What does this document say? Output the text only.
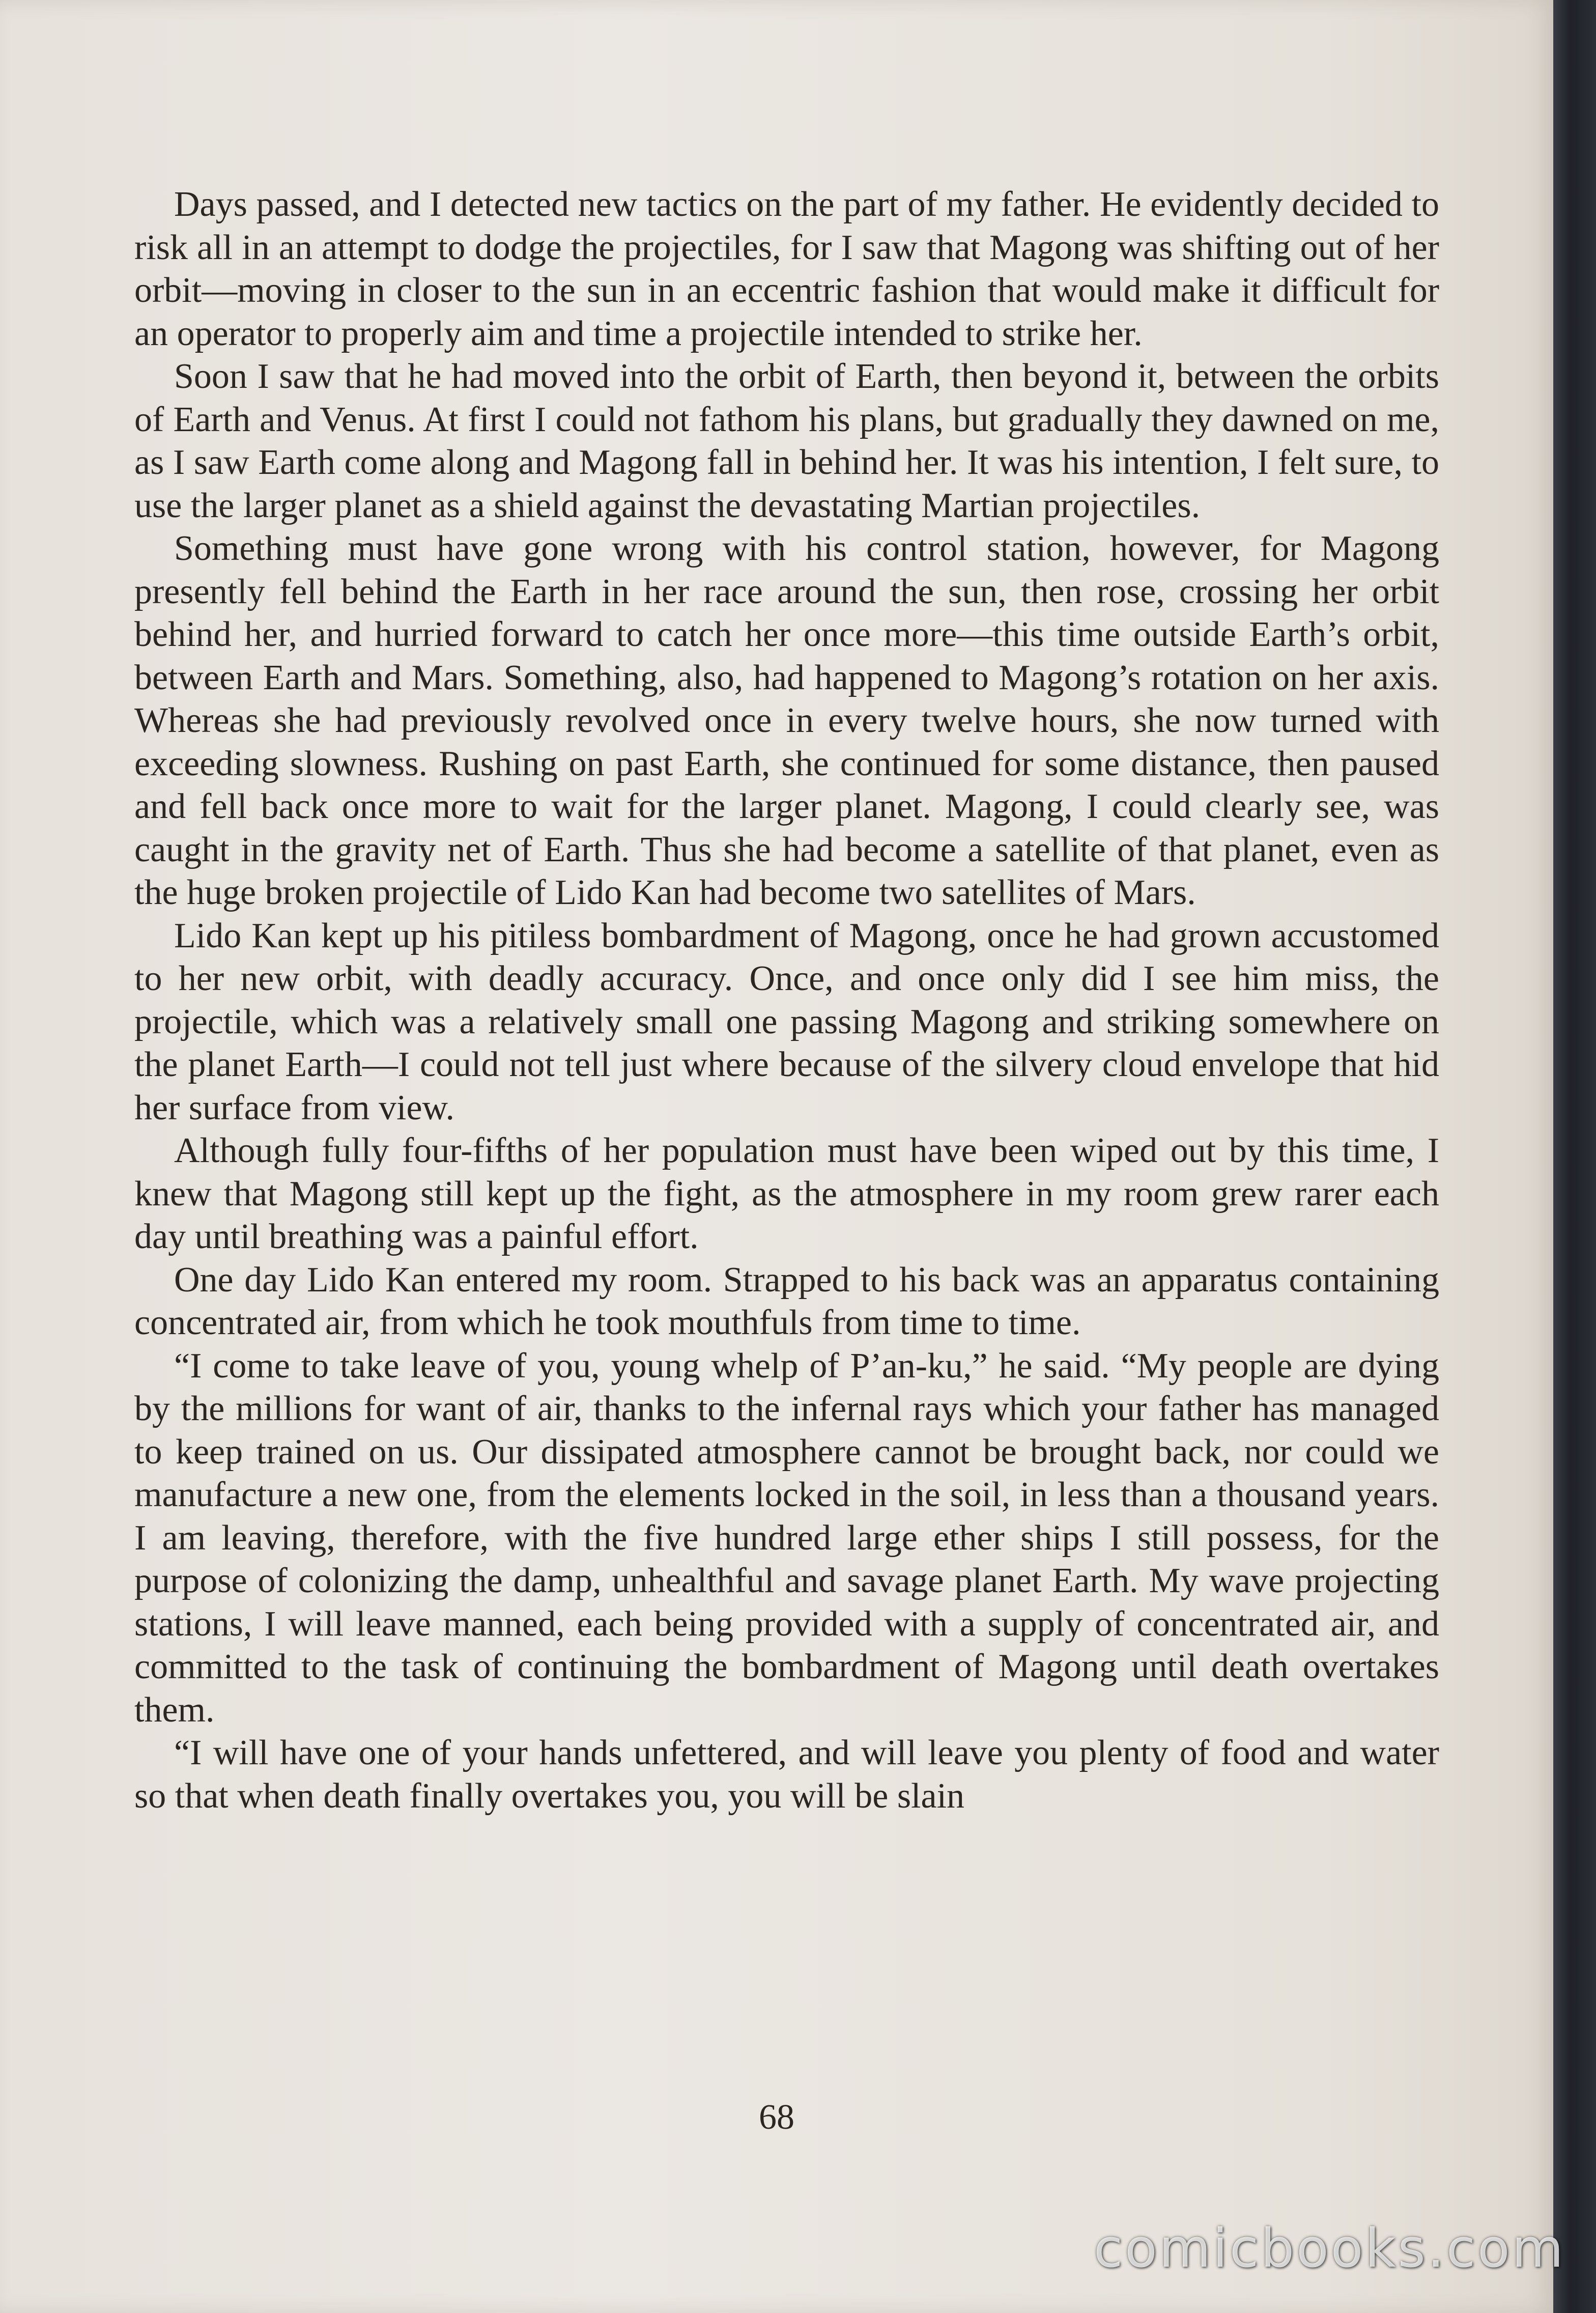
Days passed, and I detected new tactics on the part of my father. He evidently decided to risk all in an attempt to dodge the projectiles, for I saw that Magong was shifting out of her orbit—moving in closer to the sun in an eccentric fashion that would make it difficult for an operator to properly aim and time a projectile intended to strike her.

Soon I saw that he had moved into the orbit of Earth, then beyond it, between the orbits of Earth and Venus. At first I could not fathom his plans, but gradually they dawned on me, as I saw Earth come along and Magong fall in behind her. It was his intention, I felt sure, to use the larger planet as a shield against the devastating Martian projectiles.

Something must have gone wrong with his control station, however, for Magong presently fell behind the Earth in her race around the sun, then rose, crossing her orbit behind her, and hurried forward to catch her once more—this time outside Earth’s orbit, between Earth and Mars. Something, also, had happened to Magong’s rotation on her axis. Whereas she had previously revolved once in every twelve hours, she now turned with exceeding slowness. Rushing on past Earth, she continued for some distance, then paused and fell back once more to wait for the larger planet. Magong, I could clearly see, was caught in the gravity net of Earth. Thus she had become a satellite of that planet, even as the huge broken projectile of Lido Kan had become two satellites of Mars.

Lido Kan kept up his pitiless bombardment of Magong, once he had grown accustomed to her new orbit, with deadly accuracy. Once, and once only did I see him miss, the projectile, which was a relatively small one passing Magong and striking somewhere on the planet Earth—I could not tell just where because of the silvery cloud envelope that hid her surface from view.

Although fully four-fifths of her population must have been wiped out by this time, I knew that Magong still kept up the fight, as the atmosphere in my room grew rarer each day until breathing was a painful effort.

One day Lido Kan entered my room. Strapped to his back was an apparatus containing concentrated air, from which he took mouthfuls from time to time.

“I come to take leave of you, young whelp of P’an-ku,” he said. “My people are dying by the millions for want of air, thanks to the infernal rays which your father has managed to keep trained on us. Our dissipated atmosphere cannot be brought back, nor could we manufacture a new one, from the elements locked in the soil, in less than a thousand years. I am leaving, therefore, with the five hundred large ether ships I still possess, for the purpose of colonizing the damp, unhealthful and savage planet Earth. My wave projecting stations, I will leave manned, each being provided with a supply of concentrated air, and committed to the task of continuing the bombardment of Magong until death overtakes them.

“I will have one of your hands unfettered, and will leave you plenty of food and water so that when death finally overtakes you, you will be slain

68
comicbooks.com
